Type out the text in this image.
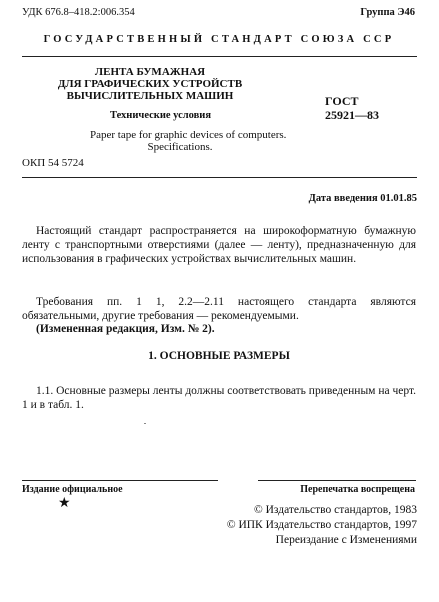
УДК 676.8–418.2:006.354	Группа Э46
ГОСУДАРСТВЕННЫЙ СТАНДАРТ СОЮЗА ССР
ЛЕНТА БУМАЖНАЯ
ДЛЯ ГРАФИЧЕСКИХ УСТРОЙСТВ
ВЫЧИСЛИТЕЛЬНЫХ МАШИН
Технические условия
ГОСТ
25921—83
Paper tape for graphic devices of computers.
Specifications.
ОКП 54 5724
Дата введения 01.01.85
Настоящий стандарт распространяется на широкоформатную бумажную ленту с транспортными отверстиями (далее — ленту), предназначенную для использования в графических устройствах вычислительных машин.
Требования пп. 1 1, 2.2—2.11 настоящего стандарта являются обязательными, другие требования — рекомендуемыми.
(Измененная редакция, Изм. № 2).
1. ОСНОВНЫЕ РАЗМЕРЫ
1.1. Основные размеры ленты должны соответствовать приведенным на черт. 1 и в табл. 1.
Издание официальное	Перепечатка воспрещена
★	© Издательство стандартов, 1983
© ИПК Издательство стандартов, 1997
Переиздание с Изменениями
